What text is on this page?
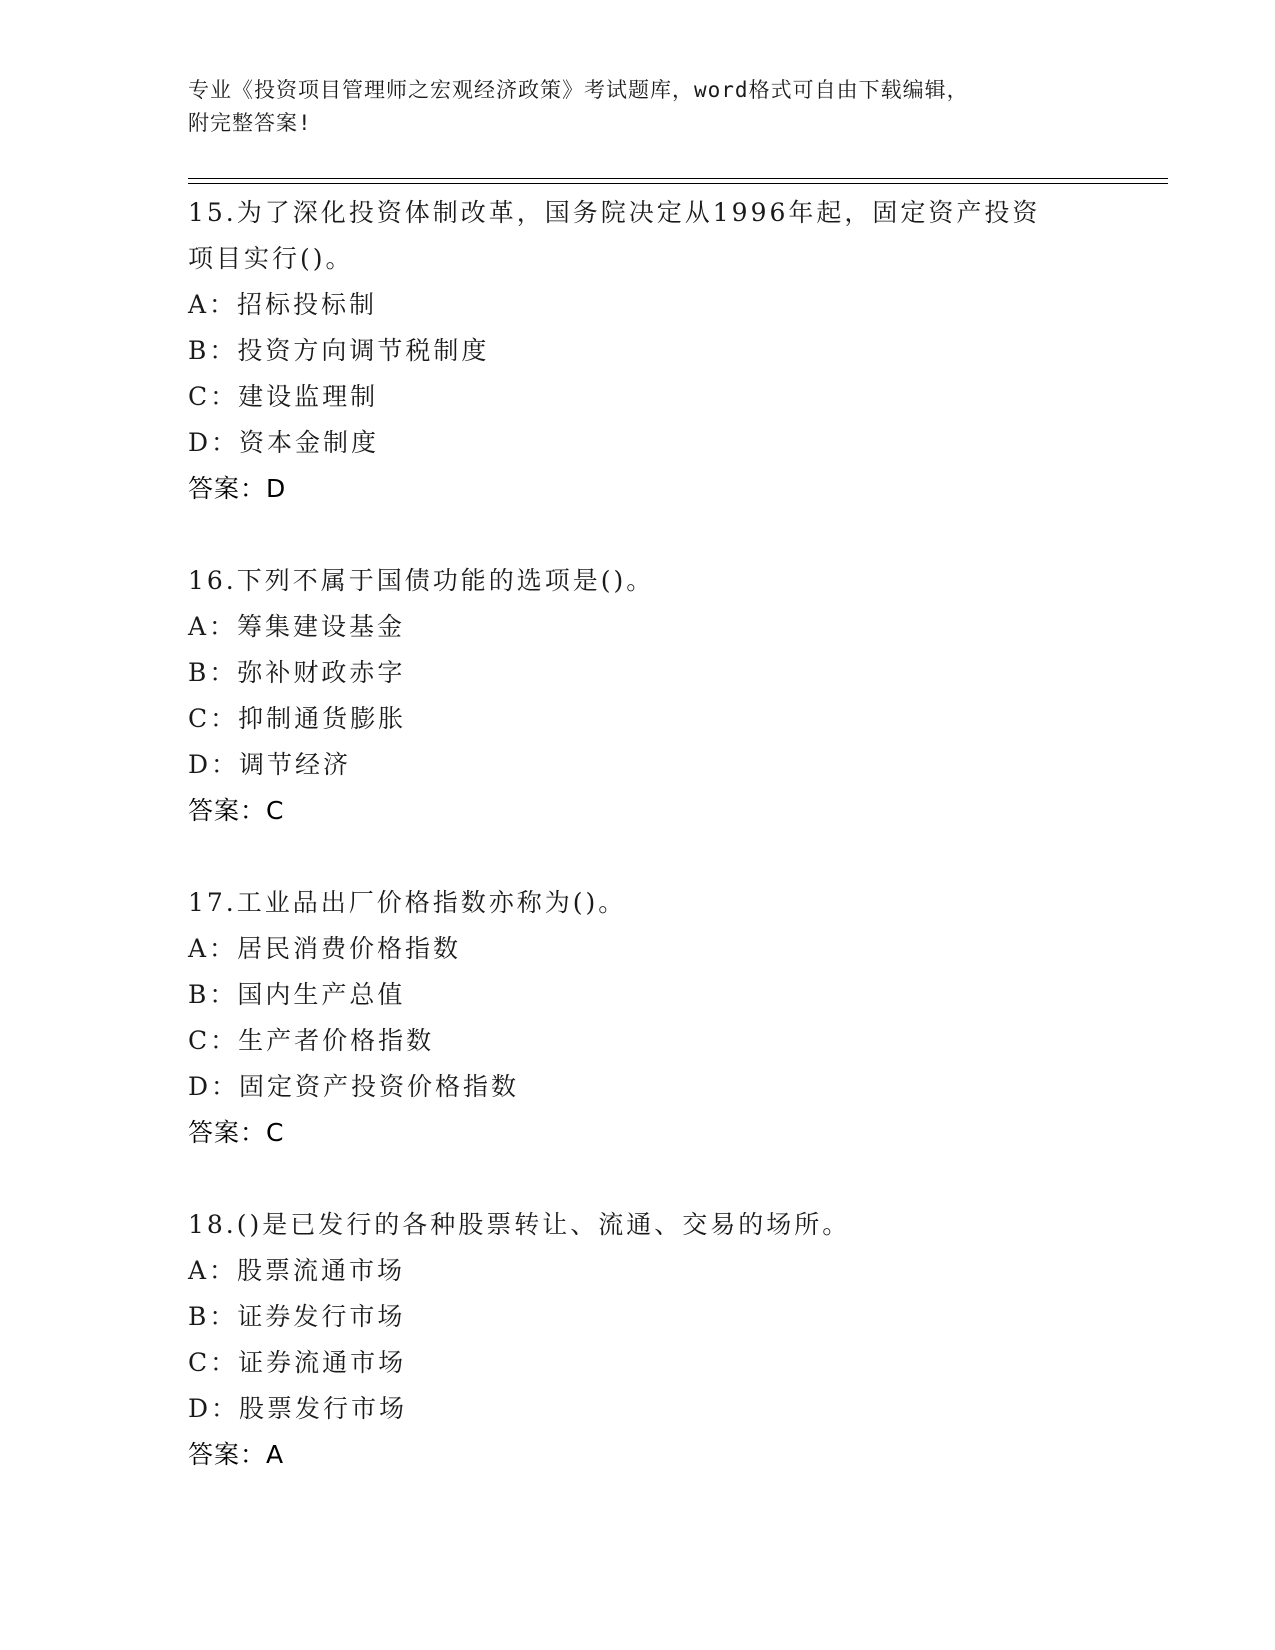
专业《投资项目管理师之宏观经济政策》考试题库，word格式可自由下载编辑，
附完整答案!
15.为了深化投资体制改革，国务院决定从1996年起，固定资产投资项目实行()。
A：招标投标制
B：投资方向调节税制度
C：建设监理制
D：资本金制度
答案：D
16.下列不属于国债功能的选项是()。
A：筹集建设基金
B：弥补财政赤字
C：抑制通货膨胀
D：调节经济
答案：C
17.工业品出厂价格指数亦称为()。
A：居民消费价格指数
B：国内生产总值
C：生产者价格指数
D：固定资产投资价格指数
答案：C
18.()是已发行的各种股票转让、流通、交易的场所。
A：股票流通市场
B：证券发行市场
C：证券流通市场
D：股票发行市场
答案：A
